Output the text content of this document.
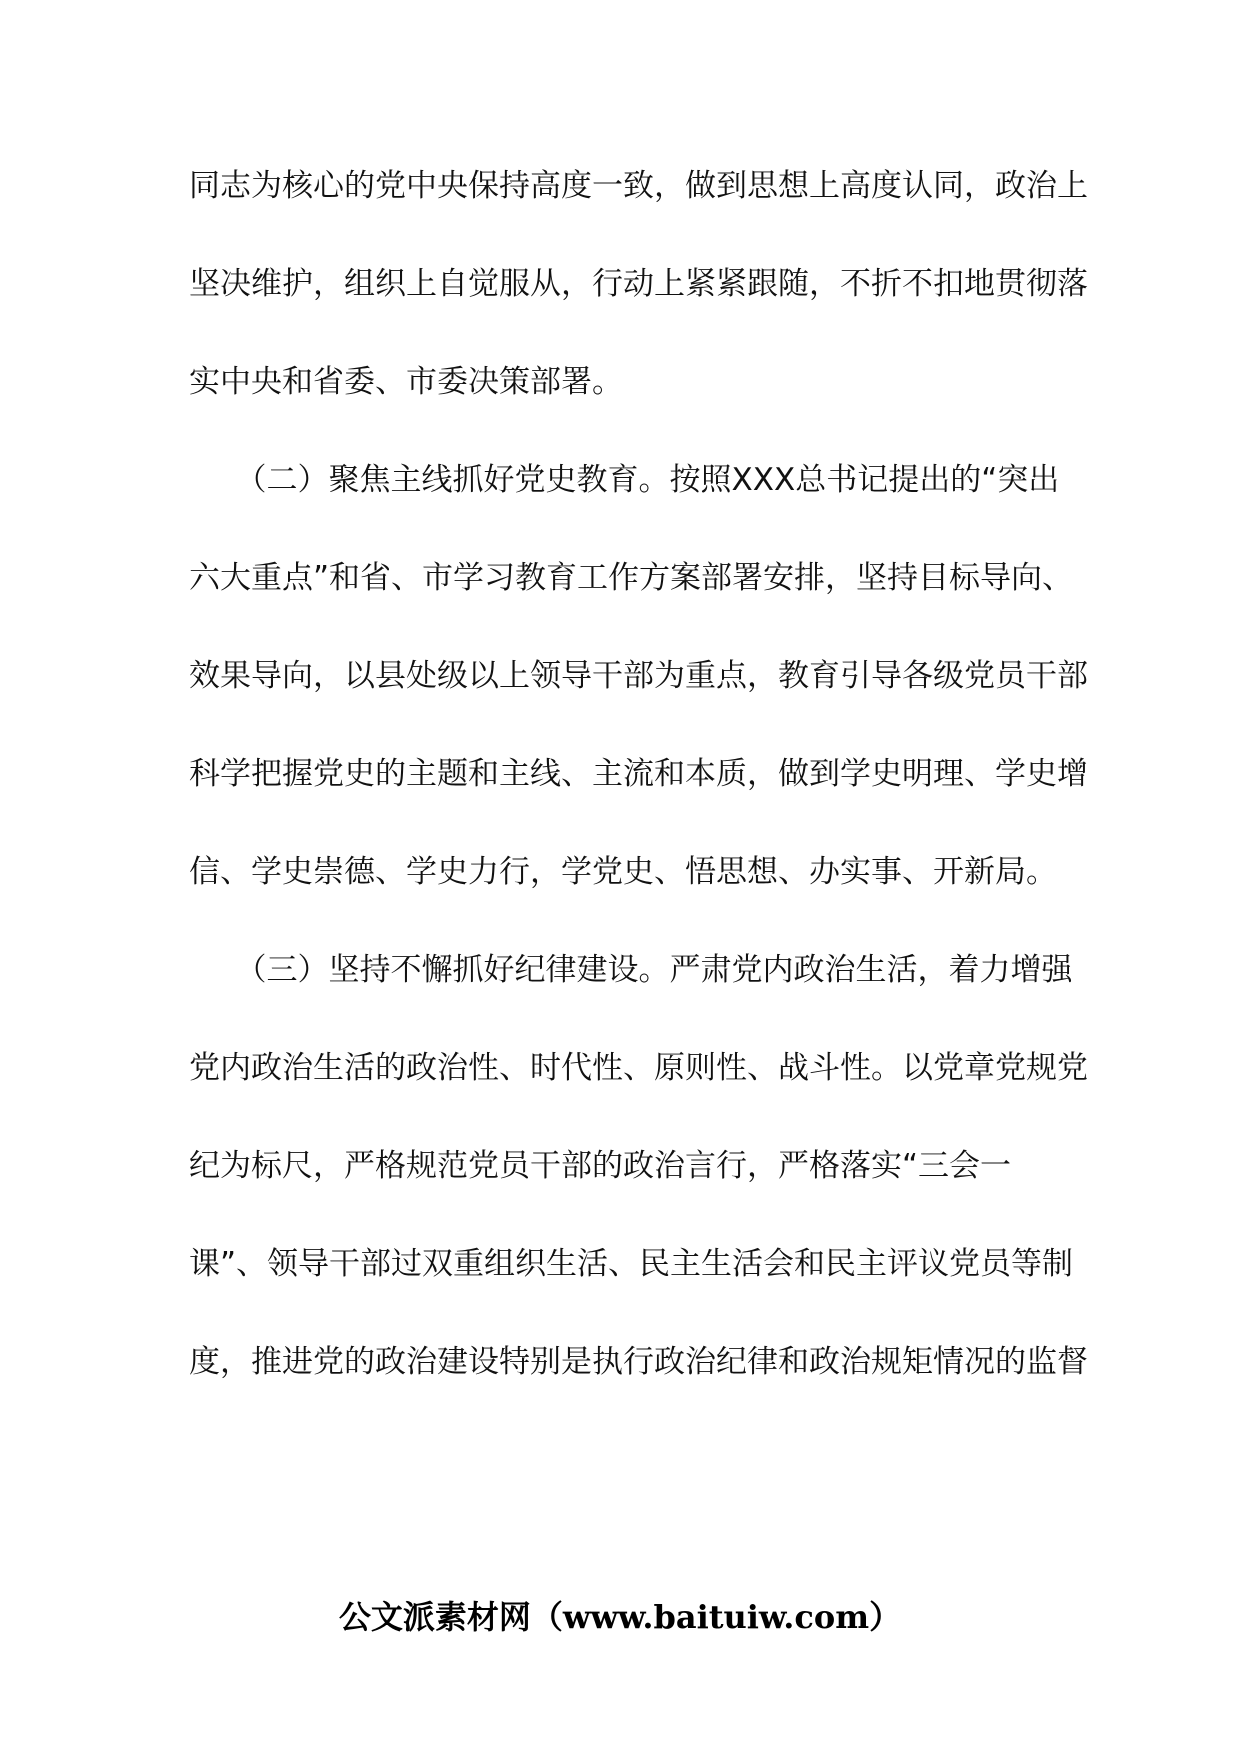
同志为核心的党中央保持高度一致，做到思想上高度认同，政治上
坚决维护，组织上自觉服从，行动上紧紧跟随，不折不扣地贯彻落
实中央和省委、市委决策部署。
　　（二）聚焦主线抓好党史教育。按照XXX总书记提出的“突出
六大重点”和省、市学习教育工作方案部署安排，坚持目标导向、
效果导向，以县处级以上领导干部为重点，教育引导各级党员干部
科学把握党史的主题和主线、主流和本质，做到学史明理、学史增
信、学史崇德、学史力行，学党史、悟思想、办实事、开新局。
　　（三）坚持不懈抓好纪律建设。严肃党内政治生活，着力增强
党内政治生活的政治性、时代性、原则性、战斗性。以党章党规党
纪为标尺，严格规范党员干部的政治言行，严格落实“三会一
课”、领导干部过双重组织生活、民主生活会和民主评议党员等制
度，推进党的政治建设特别是执行政治纪律和政治规矩情况的监督
公文派素材网（www.baituiw.com）
